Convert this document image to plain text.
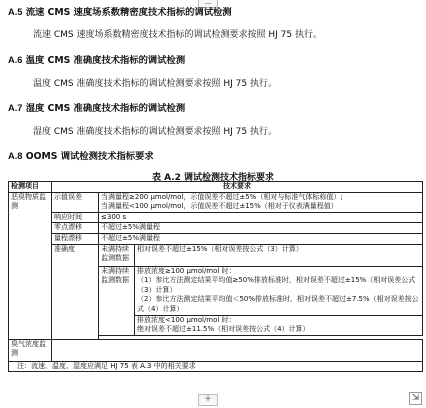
—
A.5 流速 CMS 速度场系数精密度技术指标的调试检测
流速 CMS 速度场系数精密度技术指标的调试检测要求按照 HJ 75 执行。
A.6 温度 CMS 准确度技术指标的调试检测
温度 CMS 准确度技术指标的调试检测要求按照 HJ 75 执行。
A.7 湿度 CMS 准确度技术指标的调试检测
湿度 CMS 准确度技术指标的调试检测要求按照 HJ 75 执行。
A.8 OOMS 调试检测技术指标要求
表 A.2 调试检测技术指标要求
检测项目	技术要求		
恶臭物质监测	示值误差	当满量程≥200 μmol/mol，示值误差不超过±5%（相对与标准气体标称值）;
当满量程<100 μmol/mol，示值误差不超过±15%（相对于仪表满量程值）	

	响应时间	≤300 s	
	零点漂移	不超过±5%满量程	
	量程漂移	不超过±5%满量程	
	准确度	未满持续监测数据	相对误差不超过±15%（相对误差按公式（3）计算）
		未满持续监测数据	排放浓度≥100 μmol/mol 时：
（1）参比方法测定结果平均值≥50%排放标准时，相对误差不超过±15%（相对误差公式（3）计算）
（2）参比方法测定结果平均值＜50%排放标准时，相对误差不超过±7.5%（相对误差按公式（4）计算）

			排放浓度<100 μmol/mol 时：
绝对误差不超过±11.5%（相对误差按公式（4）计算）

臭气浓度监测			
注：流速、温度、湿度应满足 HJ 75 表 A.3 中的相关要求			
+	⇲
